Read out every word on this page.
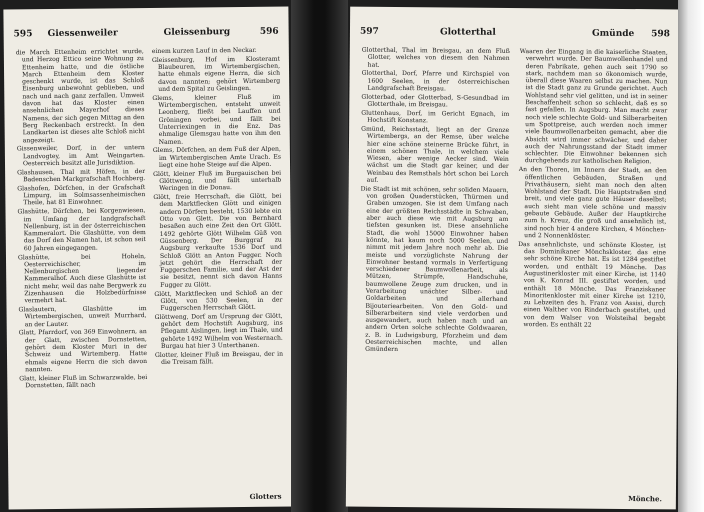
595 Giessenweiler	Gleissenburg	596

die March Ettenheim errichtet wurde, und Herzog Ettico seine Wohnung zu Ettenheim hatte, und die östliche March Ettenheim dem Kloster geschenkt wurde, ist das Schloß Eisenburg unbewohnt geblieben, und nach und nach ganz zerfallen. Umweit davon hat das Kloster einen ansehnlichen Mayerhof dieses Namens, der sich gegen Mittag an den Berg Reckenbach erstreckt. In den Landkarten ist dieses alte Schloß nicht angezeigt.

Gissenweiler, Dorf, in der untern Landvogtey, im Amt Weingarten. Oesterreich besitzt alle Jurisdiktion.

Glashausen, Thal mit Höfen, in der Badenschen Markgrafschaft Hochberg.

Glashofen, Dörfchen, in der Grafschaft Limpurg, im Solmsassenheimischen Theile, hat 81 Einwohner.

Glashütte, Dörfchen, bei Korgenwiesen, im Umfang der landgrafschaft Nellenburg, ist in der österreichischen Kammeralort. Die Glashütte, von dem das Dorf den Namen hat, ist schon seit 60 Jahren eingegangen.

Glashütte, bei Hoheln, Oesterreichischer, im Nellenburgischen liegender Kammeralhof. Auch diese Glashütte ist nicht mehr, weil das nahe Bergwerk zu Zizenhausen die Holzbedürfnisse vermehrt hat.

Glaslautern, Glashütte im Wirtembergischen, unweit Murrhard, an der Lauter.

Glatt, Pfarrdorf, von 369 Einwohnern, an der Glatt, zwischen Dornstetten, gehört dem Kloster Muri in der Schweiz und Wirtemberg. Hatte ehmals eigene Herrn die sich davon nannten.

Glatt, kleiner Fluß im Schwarzwalde, bei Dornstetten, fällt nach

einem kurzen Lauf in den Neckar.

Gleissenburg, Hof im Klosteramt Blaubeuren, im Wirtembergischen, hatte ehmals eigene Herrn, die sich davon nannten; gehört Wirtemberg und dem Spital zu Geislingen.

Glems, kleiner Fluß im Wirtembergischen, entsteht unweit Leonberg, fließt bei Lauffen und Gröningen vorbei, und fällt bei Unterriexingen in die Enz. Das ehmalige Glemsgau hatte von ihm den Namen.

Glems, Dörfchen, an dem Fuß der Alpen, im Wirtembergischen Amte Urach. Es liegt eine hohe Steige auf die Alpen.

Glött, kleiner Fluß im Burgauischen bei Glöttweng, und fällt unterhalb Weringen in die Donau.

Glött, freie Herrschaft, die Glött, bei dem Marktflecken Glött und einigen andern Dörfern besteht, 1530 lebte ein Otto von Glett. Die von Bernhard besaßen auch eine Zeit den Ort Glött. 1492 gehörte Glött Wilhelm Güß von Güssenberg. Der Burggraf zu Augsburg verkaufte 1536 Dorf und Schloß Glött an Anton Fugger. Noch jetzt gehört die Herrschaft der Fuggerschen Familie, und der Ast der sie besitzt, nennt sich davon Hanns Fugger zu Glött.

Glött, Marktflecken und Schloß an der Glött, von 530 Seelen, in der Fuggerschen Herrschaft Glött.

Glöttweng, Dorf am Ursprung der Glött, gehört dem Hochstift Augsburg, ins Pflegamt Aislingen, liegt im Thale, und gehörte 1492 Wilhelm von Westernach. Burgau hat hier 3 Unterthanen.

Glotter, kleiner Fluß im Breisgau, der in die Treisam fällt.

Glotters
597	Glotterthal	Gmünde 598

Glotterthal, Thal im Breisgau, an dem Fluß Glotter, welches von diesem den Nahmen hat.

Glotterthal, Dorf, Pfarre und Kirchspiel von 1600 Seelen, in der österreichischen Landgrafschaft Breisgau.

Glotterbad, oder Glotterbad, S-Gesundbad im Glotterthale, im Breisgau.

Gluttenhaus, Dorf, im Gericht Egnach, im Hochstift Konstanz.

Gmünd, Reichsstadt, liegt an der Grenze Wirtembergs, an der Remse, über welche hier eine schöne steinerne Brücke führt, in einem schönen Thale, in welchem viele Wiesen, aber wenige Aecker sind. Wein wächst um die Stadt gar keiner, und der Weinbau des Remsthals hört schon bei Lorch auf.

Die Stadt ist mit schönen, sehr soliden Mauern, von großen Quaderstücken, Thürmen und Graben umzogen. Sie ist dem Umfang nach eine der größten Reichsstädte in Schwaben, aber auch diese wie mit Augsburg am tiefsten gesunken ist. Diese ansehnliche Stadt, die wohl 15000 Einwohner haben könnte, hat kaum noch 5000 Seelen, und nimmt mit jedem Jahre noch mehr ab. Die meiste und vorzüglichste Nahrung der Einwohner bestand vormals in Verfertigung verschiedener Baumwollenarbeit, als Mützen, Strümpfe, Handschuhe, baumwollene Zeuge zum drucken, und in Verarbeitung unächter Silber- und Goldarbeiten und allerhand Bijouteriearbeiten. Von den Gold- und Silberarbeitern sind viele verdorben und ausgewandert, auch haben nach und an andern Orten solche schlechte Goldwaaren, z. B. in Ludwigsburg, Pforzheim und dem Oesterreichischen machte, und allen Gmündern

Waaren der Eingang in die kaiserliche Staaten, verwehrt wurde. Der Baumwollenhandel und deren Fabrikate, gehen auch seit 1790 so stark, nachdem man so ökonomisch wurde, überall diese Waaren selbst zu machen. Nun ist die Stadt ganz zu Grunde gerichtet. Auch Wohlstand sehr viel gelitten, und ist in seiner Beschaffenheit schon so schlecht, daß es so fast gefallen. In Augsburg. Man macht zwar noch viele schlechte Gold- und Silberarbeiten um Spottpreise, auch werden noch immer viele Baumwollenarbeiten gemacht, aber die Absicht wird immer schwächer, und daher auch der Nahrungsstand der Stadt immer schlechter. Die Einwohner bekennen sich durchgehends zur katholischen Religion.

An den Thoren, im Innern der Stadt, an den öffentlichen Gebäuden, Straßen und Privathäusern, sieht man noch den alten Wohlstand der Stadt. Die Hauptstraßen sind breit, und viele ganz gute Häuser daselbst; auch sieht man viele schöne und massiv gebaute Gebäude. Außer der Hauptkirche zum h. Kreuz, die groß und ansehnlich ist, sind noch hier 4 andere Kirchen, 4 Mönchen- und 2 Nonnenklöster.

Das ansehnlichste, und schönste Kloster, ist das Dominikaner Mönchskloster, das eine sehr schöne Kirche hat. Es ist 1284 gestiftet worden, und enthält 19 Mönche. Das Augustinerkloster mit einer Kirche, ist 1140 von K. Konrad III. gestiftet worden, und enthält 18 Mönche. Das Franziskaner Minoritenkloster mit einer Kirche ist 1210, zu Lebzeiten des h. Franz von Assisi, durch einen Walther von Rinderbach gestiftet, und von dem Walser von Wolsteihal begabt worden. Es enthält 22

Mönche.
